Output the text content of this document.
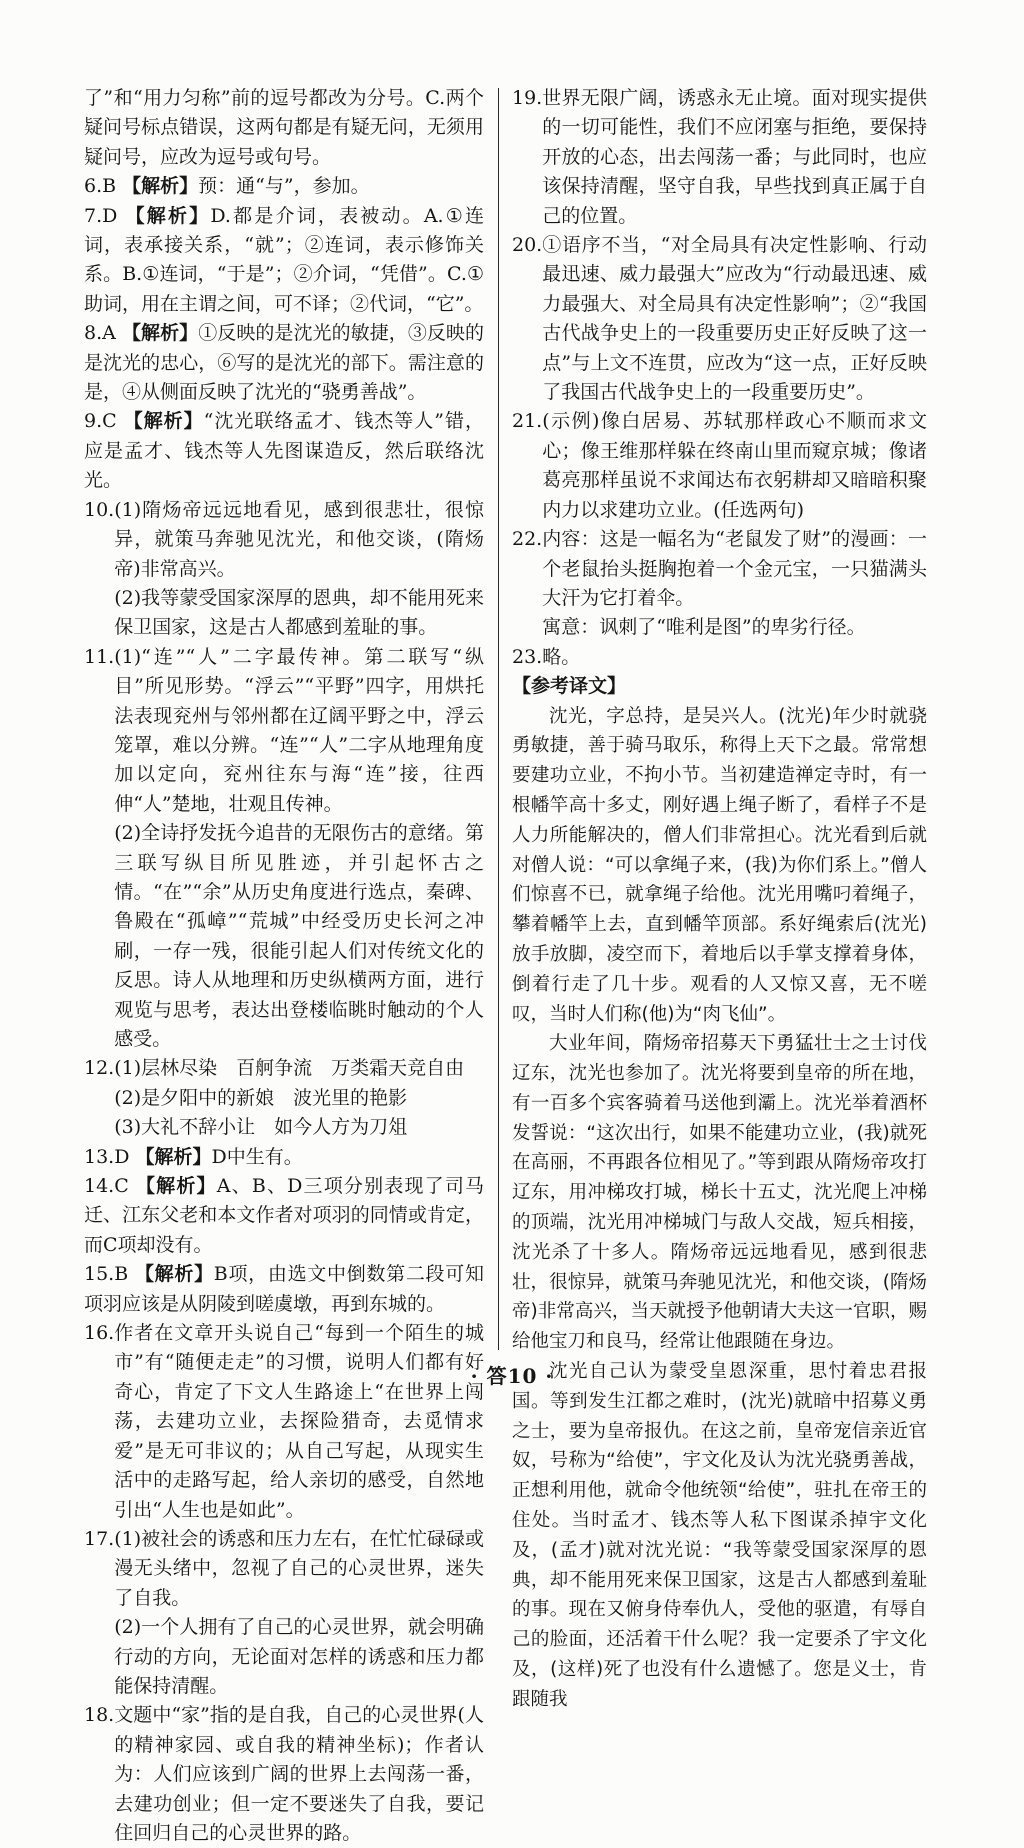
了”和“用力匀称”前的逗号都改为分号。C.两个疑问号标点错误，这两句都是有疑无问，无须用疑问号，应改为逗号或句号。

6.B 【解析】 预：通“与”，参加。

7.D 【解析】D.都是介词，表被动。A.①连词，表承接关系，“就”；②连词，表示修饰关系。B.①连词，“于是”；②介词，“凭借”。C.①助词，用在主谓之间，可不译；②代词，“它”。

8.A 【解析】①反映的是沈光的敏捷，③反映的是沈光的忠心，⑥写的是沈光的部下。需注意的是，④从侧面反映了沈光的“骁勇善战”。

9.C 【解析】“沈光联络孟才、钱杰等人”错，应是孟才、钱杰等人先图谋造反，然后联络沈光。

10. (1)隋炀帝远远地看见，感到很悲壮，很惊异，就策马奔驰见沈光，和他交谈，(隋炀帝)非常高兴。

(2)我等蒙受国家深厚的恩典，却不能用死来保卫国家，这是古人都感到羞耻的事。

11. (1)“连”“人”二字最传神。第二联写“纵目”所见形势。“浮云”“平野”四字，用烘托法表现兖州与邻州都在辽阔平野之中，浮云笼罩，难以分辨。“连”“人”二字从地理角度加以定向，兖州往东与海“连”接，往西伸“人”楚地，壮观且传神。

(2)全诗抒发抚今追昔的无限伤古的意绪。第三联写纵目所见胜迹，并引起怀古之情。“在”“余”从历史角度进行选点，秦碑、鲁殿在“孤嶂”“荒城”中经受历史长河之冲刷，一存一残，很能引起人们对传统文化的反思。诗人从地理和历史纵横两方面，进行观览与思考，表达出登楼临眺时触动的个人感受。

12. (1)层林尽染　百舸争流　万类霜天竞自由

(2)是夕阳中的新娘　波光里的艳影

(3)大礼不辞小让　如今人方为刀俎

13.D 【解析】 D中生有。

14.C 【解析】A、B、D三项分别表现了司马迁、江东父老和本文作者对项羽的同情或肯定，而C项却没有。

15.B 【解析】B项，由选文中倒数第二段可知项羽应该是从阴陵到嗟虞墩，再到东城的。

16. 作者在文章开头说自己“每到一个陌生的城市”有“随便走走”的习惯，说明人们都有好奇心，肯定了下文人生路途上“在世界上闯荡，去建功立业，去探险猎奇，去觅情求爱”是无可非议的；从自己写起，从现实生活中的走路写起，给人亲切的感受，自然地引出“人生也是如此”。
17. (1)被社会的诱惑和压力左右，在忙忙碌碌或漫无头绪中，忽视了自己的心灵世界，迷失了自我。

(2)一个人拥有了自己的心灵世界，就会明确行动的方向，无论面对怎样的诱惑和压力都能保持清醒。

18. 文题中“家”指的是自我，自己的心灵世界(人的精神家园、或自我的精神坐标)；作者认为：人们应该到广阔的世界上去闯荡一番，去建功创业；但一定不要迷失了自我，要记住回归自己的心灵世界的路。
19. 世界无限广阔，诱惑永无止境。面对现实提供的一切可能性，我们不应闭塞与拒绝，要保持开放的心态，出去闯荡一番；与此同时，也应该保持清醒，坚守自我，早些找到真正属于自己的位置。
20. ①语序不当，“对全局具有决定性影响、行动最迅速、威力最强大”应改为“行动最迅速、威力最强大、对全局具有决定性影响”；②“我国古代战争史上的一段重要历史正好反映了这一点”与上文不连贯，应改为“这一点，正好反映了我国古代战争史上的一段重要历史”。
21. (示例)像白居易、苏轼那样政心不顺而求文心；像王维那样躲在终南山里而窥京城；像诸葛亮那样虽说不求闻达布衣躬耕却又暗暗积聚内力以求建功立业。(任选两句)
22. 内容：这是一幅名为“老鼠发了财”的漫画：一个老鼠抬头挺胸抱着一个金元宝，一只猫满头大汗为它打着伞。

寓意：讽刺了“唯利是图”的卑劣行径。

23. 略。

【参考译文】

沈光，字总持，是吴兴人。(沈光)年少时就骁勇敏捷，善于骑马取乐，称得上天下之最。常常想要建功立业，不拘小节。当初建造禅定寺时，有一根幡竿高十多丈，刚好遇上绳子断了，看样子不是人力所能解决的，僧人们非常担心。沈光看到后就对僧人说：“可以拿绳子来，(我)为你们系上。”僧人们惊喜不已，就拿绳子给他。沈光用嘴叼着绳子，攀着幡竿上去，直到幡竿顶部。系好绳索后(沈光)放手放脚，凌空而下，着地后以手掌支撑着身体，倒着行走了几十步。观看的人又惊又喜，无不嗟叹，当时人们称(他)为“肉飞仙”。

大业年间，隋炀帝招募天下勇猛壮士之士讨伐辽东，沈光也参加了。沈光将要到皇帝的所在地，有一百多个宾客骑着马送他到灞上。沈光举着酒杯发誓说：“这次出行，如果不能建功立业，(我)就死在高丽，不再跟各位相见了。”等到跟从隋炀帝攻打辽东，用冲梯攻打城，梯长十五丈，沈光爬上冲梯的顶端，沈光用冲梯城门与敌人交战，短兵相接，沈光杀了十多人。隋炀帝远远地看见，感到很悲壮，很惊异，就策马奔驰见沈光，和他交谈，(隋炀帝)非常高兴，当天就授予他朝请大夫这一官职，赐给他宝刀和良马，经常让他跟随在身边。

沈光自己认为蒙受皇恩深重，思忖着忠君报国。等到发生江都之难时，(沈光)就暗中招募义勇之士，要为皇帝报仇。在这之前，皇帝宠信亲近官奴，号称为“给使”，宇文化及认为沈光骁勇善战，正想利用他，就命令他统领“给使”，驻扎在帝王的住处。当时孟才、钱杰等人私下图谋杀掉宇文化及，(孟才)就对沈光说：“我等蒙受国家深厚的恩典，却不能用死来保卫国家，这是古人都感到羞耻的事。现在又俯身侍奉仇人，受他的驱遣，有辱自己的脸面，还活着干什么呢？我一定要杀了宇文化及，(这样)死了也没有什么遗憾了。您是义士，肯跟随我

· 答10 ·
